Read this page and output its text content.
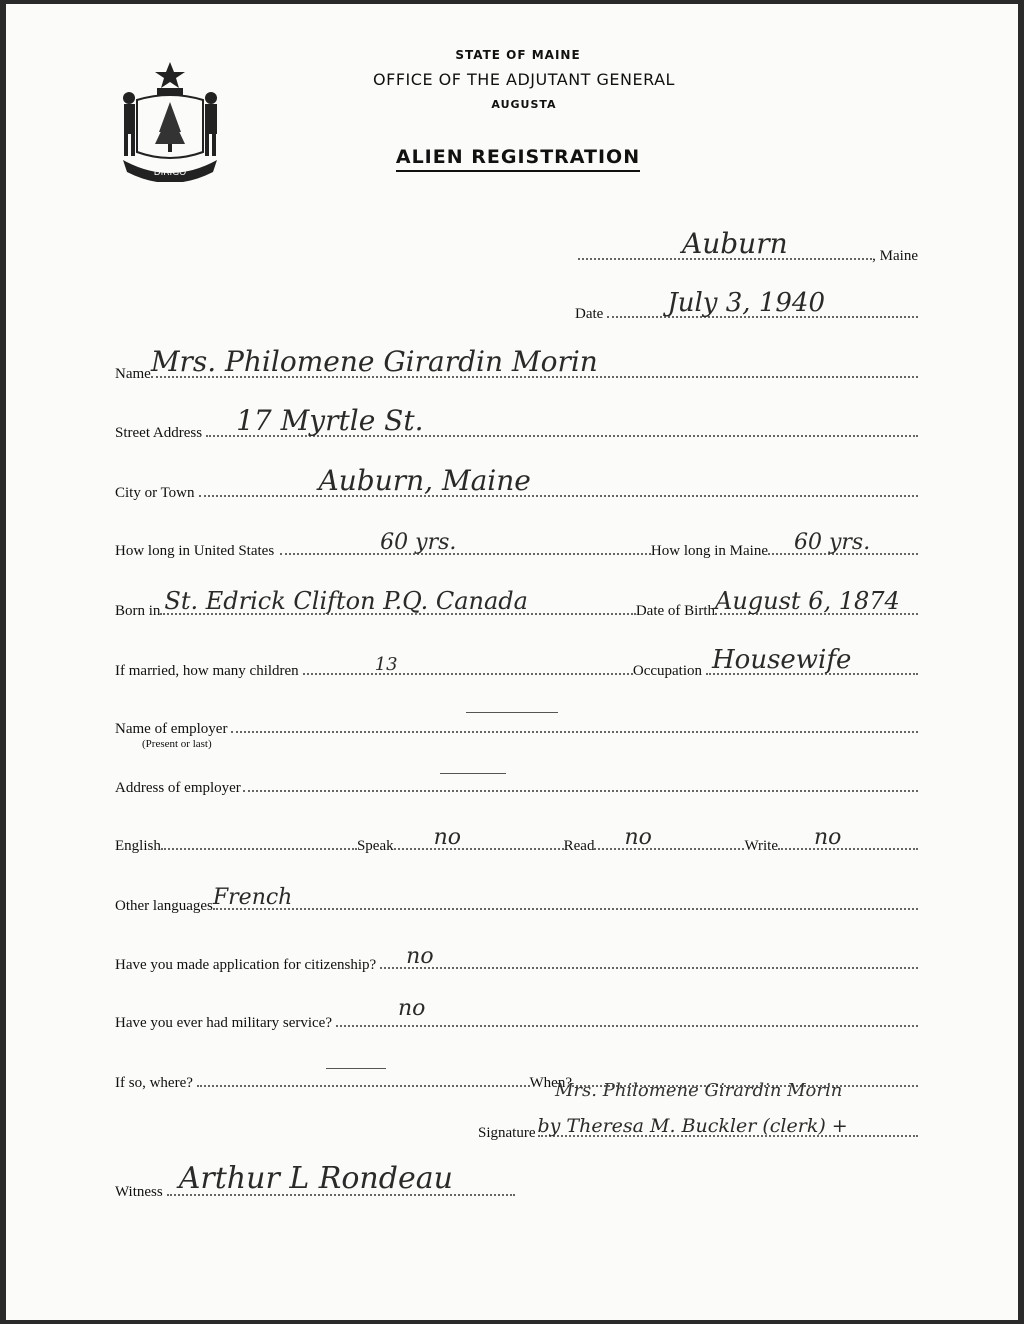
DIRIGO
STATE OF MAINE
OFFICE OF THE ADJUTANT GENERAL
AUGUSTA
ALIEN REGISTRATION
Auburn	, Maine
Date July 3, 1940
Name Mrs. Philomene Girardin Morin
Street Address 17 Myrtle St.
City or Town	Auburn, Maine
How long in United States	60 yrs.	How long in Maine 60 yrs.
Born in St. Edrick Clifton P.Q. Canada	Date of Birth August 6, 1874
If married, how many children	13	Occupation Housewife
Name of employer
(Present or last)
Address of employer
English	Speak no	Read no	Write no
Other languages French
Have you made application for citizenship? no
Have you ever had military service?
no
If so, where?	When?
Mrs. Philomene Girardin Morin
Signature by Theresa M. Buckler (clerk) +
Witness Arthur L Rondeau
